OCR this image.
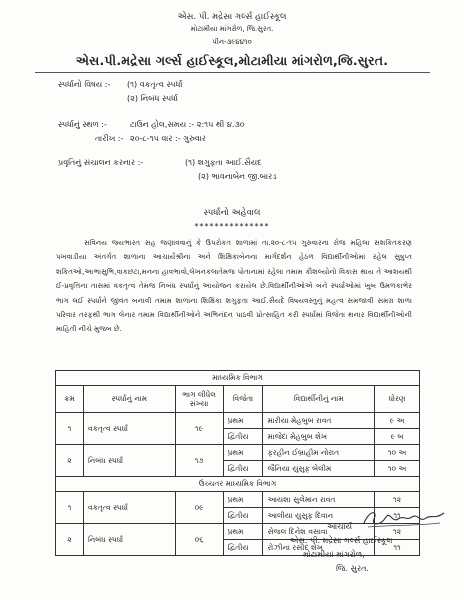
એસ. પી. મદ્રેસા ગર્લ્સ હાઈસ્કૂલ
મોટામીયા માંગરોળ, જિ.સુરત.
પીન-૩૯૪૪૧૦
એસ.પી.મદ્રેસા ગર્લ્સ હાઈસ્કૂલ,મોટામીયા માંગરોળ,જિ.સુરત.
સ્પર્ધાનો વિષય :- (૧) વકતૃત્વ સ્પર્ધા
(૨) નિબંધ સ્પર્ધા
સ્પર્ધાનું સ્થળ :-	ટાઉન હોલ,સમય :- ૨:૧૫ થી ૪.૩૦
તારીખ :- ૨૦-૮-૧૫ વાર :- ગુરુવાર
પ્રવૃતિનું સંચાલન કરનાર :-	(૧) શગુફતા આઈ.સૈયદ
(૨) ભાવનાબેન જી.બારડ
સ્પર્ધાનો અહેવાલ
***************

સવિનય જ્યભારત સહ જણાવવાનું કે ઉપરોકત શાળામાં તા.૨૦-૮-૧૫ ગુરુવારના રોજ મહિલા સશકિતકરણ પખવાડીયા અંતર્ગત શાળાના આચાર્યશ્રીના અને શિક્ષિકાબેનના માર્ગદર્શન હેઠળ વિદ્યાર્થીનીઓમાં રહેલ સુષુપ્ત શકિતઓ,આભાસુભિ,વાકછટા,મનના હાવભાવો,લેખનકલાતેમજ પોતાનામાં રહેલા તમામ કૌશલ્યોનો વિકાસ થાય તે આશયથી ઈ-પ્રવૃત્તિના તાસમાં વકતૃત્વ તેમજ નિબંધ સ્પર્ધાનું આયોજન કરાયેલ છે.વિદ્યાર્થીનીઓએ બંને સ્પર્ધાઓમાં ખુબ ઉમળકાભેર ભાગ લઈ સ્પર્ધાને જીવંત બનાવી તમામ શાળાના શિક્ષિકા શગુફતા આઈ.સૈયદે વિષયવસ્તુનું મહત્વ સમજાવી સમગ્ર શાળા પરિવાર તરફથી ભાગ લેનાર તમામ વિદ્યાર્થીનીઓને અભિનંદન પાઠવી પ્રોત્સાહિત કરી સ્પર્ધામાં વિજેતા થનાર વિદ્યાર્થીનીઓની માહિતી નીચે મુજબ છે.

માધ્યમિક વિભાગ					
ક્રમ	સ્પર્ધાનું નામ	ભાગ લીધેલ સંખ્યા	વિજેતા	વિદ્યાર્થીનીનું નામ	ધોરણ
૧	વકતૃત્વ સ્પર્ધા	૧૯	પ્રથમ	મારીયા મેહબુબ રાવત	૯ અ
			દ્વિતીય	માજેદા મેહબુબ શેખ	૯ બ
૨	નિબંધ સ્પર્ધા	૧૭	પ્રથમ	ફરહીન ઈબ્રાહીમ નોરાત	૧૦ અ
			દ્વિતીય	જૈનિયા યુસુફ બેલીમ	૧૦ અ
ઉચ્ચતર માધ્યમિક વિભાગ					
૧	વકતૃત્વ સ્પર્ધા	૦૯	પ્રથમ	આયશા સુલેમાન રાવત	૧૨
			દ્વિતીય	આલીયા યુસુફ દિવાન	૧૧
૨	નિબંધ સ્પર્ધા	૦૬	પ્રથમ	સેજલ દિનેશ વસાવા	૧૨
			દ્વિતીય	રોઝીના રસીદ શેખ	૧૧
આચાર્ય
એસ. પી. મદ્રેસા ગર્લ્સ હાઈસ્કૂલ
મોટામીયાં માંગરોળ,
જિ. સુરત.
